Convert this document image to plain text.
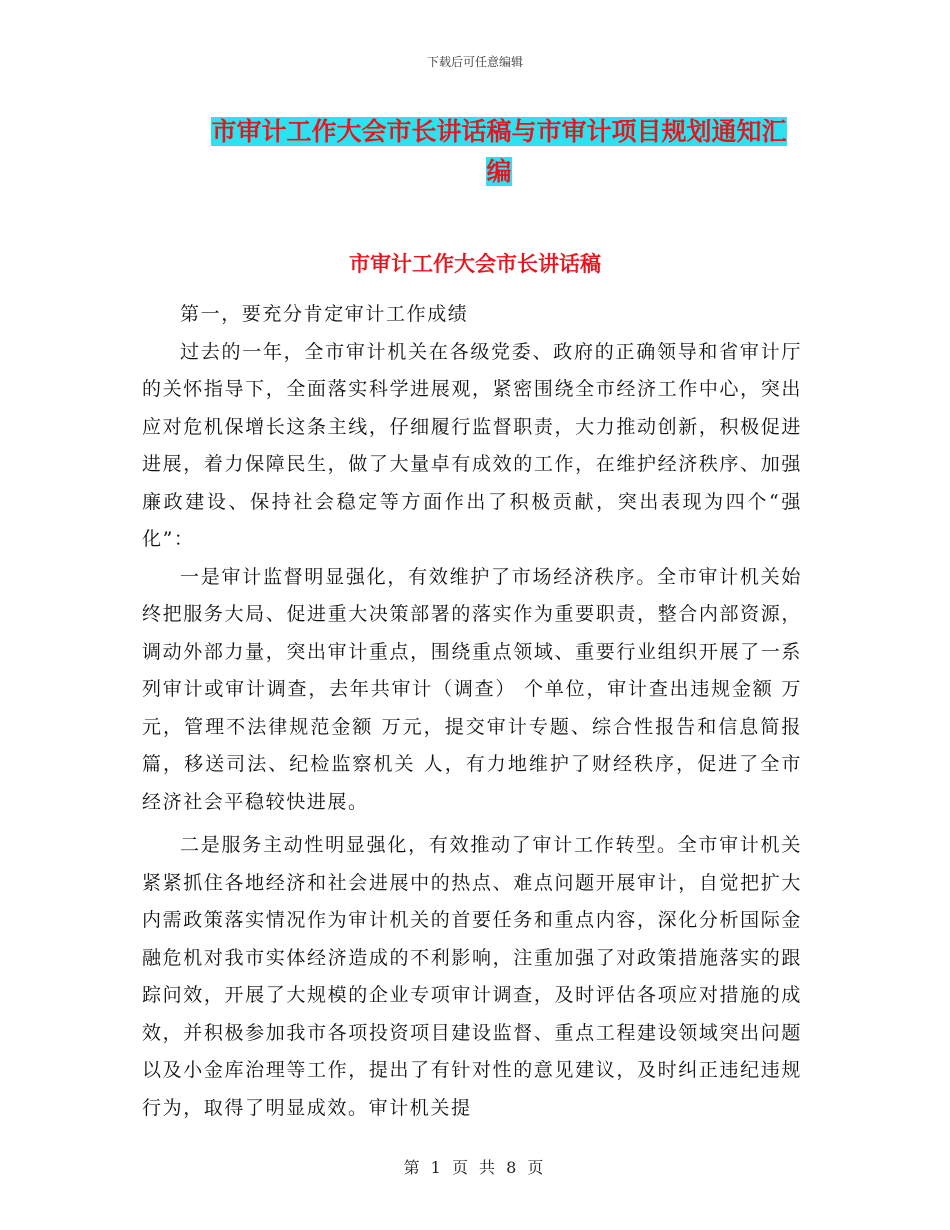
下载后可任意编辑
市审计工作大会市长讲话稿与市审计项目规划通知汇
编
市审计工作大会市长讲话稿

第一，要充分肯定审计工作成绩

过去的一年，全市审计机关在各级党委、政府的正确领导和省审计厅的关怀指导下，全面落实科学进展观，紧密围绕全市经济工作中心，突出应对危机保增长这条主线，仔细履行监督职责，大力推动创新，积极促进进展，着力保障民生，做了大量卓有成效的工作，在维护经济秩序、加强廉政建设、保持社会稳定等方面作出了积极贡献，突出表现为四个“强化”：

一是审计监督明显强化，有效维护了市场经济秩序。全市审计机关始终把服务大局、促进重大决策部署的落实作为重要职责，整合内部资源，调动外部力量，突出审计重点，围绕重点领域、重要行业组织开展了一系列审计或审计调查，去年共审计（调查） 个单位，审计查出违规金额 万元，管理不法律规范金额 万元，提交审计专题、综合性报告和信息简报 篇，移送司法、纪检监察机关 人，有力地维护了财经秩序，促进了全市经济社会平稳较快进展。

二是服务主动性明显强化，有效推动了审计工作转型。全市审计机关紧紧抓住各地经济和社会进展中的热点、难点问题开展审计，自觉把扩大内需政策落实情况作为审计机关的首要任务和重点内容，深化分析国际金融危机对我市实体经济造成的不利影响，注重加强了对政策措施落实的跟踪问效，开展了大规模的企业专项审计调查，及时评估各项应对措施的成效，并积极参加我市各项投资项目建设监督、重点工程建设领域突出问题以及小金库治理等工作，提出了有针对性的意见建议，及时纠正违纪违规行为，取得了明显成效。审计机关提

第 1 页 共 8 页
